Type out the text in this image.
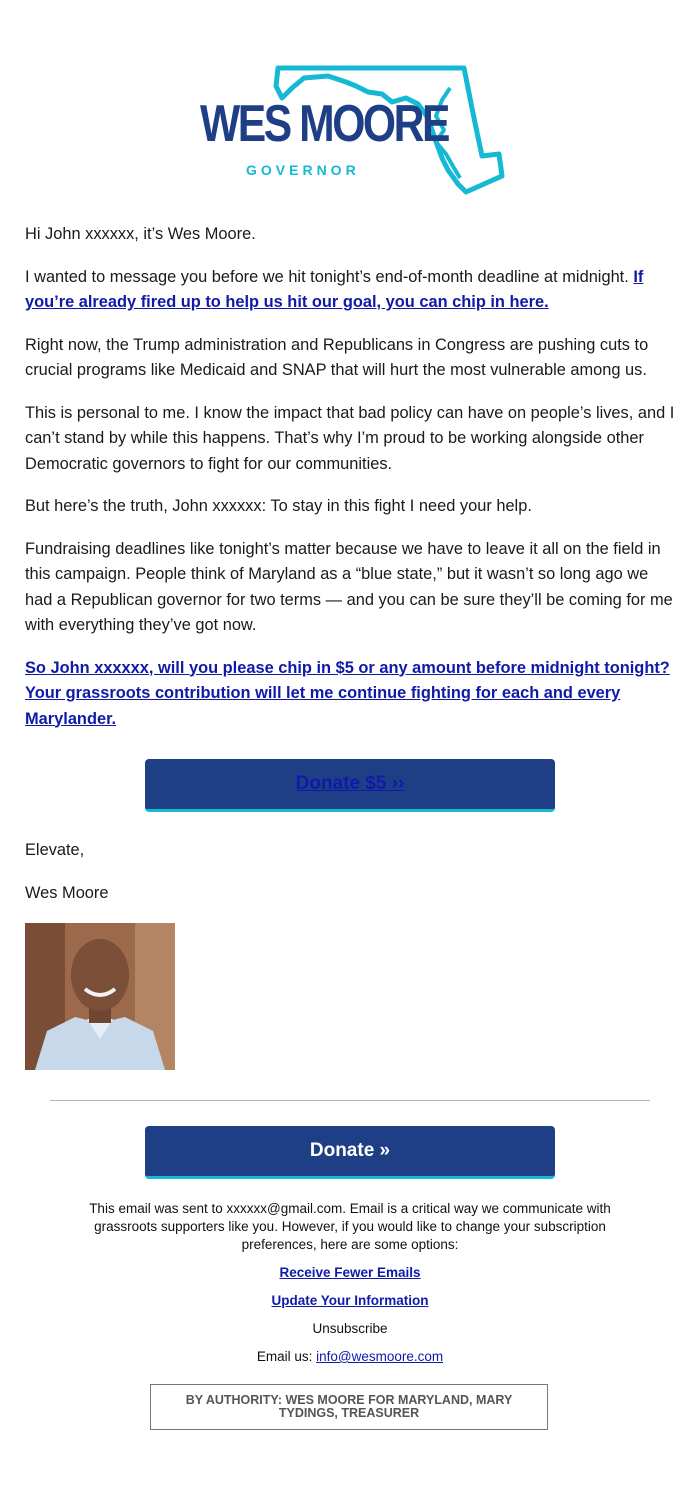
WES MOORE
GOVERNOR

Hi John xxxxxx, it’s Wes Moore.

I wanted to message you before we hit tonight’s end-of-month deadline at midnight. If you’re already fired up to help us hit our goal, you can chip in here.

Right now, the Trump administration and Republicans in Congress are pushing cuts to crucial programs like Medicaid and SNAP that will hurt the most vulnerable among us.

This is personal to me. I know the impact that bad policy can have on people’s lives, and I can’t stand by while this happens. That’s why I’m proud to be working alongside other Democratic governors to fight for our communities.

But here’s the truth, John xxxxxx: To stay in this fight I need your help.

Fundraising deadlines like tonight’s matter because we have to leave it all on the field in this campaign. People think of Maryland as a “blue state,” but it wasn’t so long ago we had a Republican governor for two terms — and you can be sure they’ll be coming for me with everything they’ve got now.

So John xxxxxx, will you please chip in $5 or any amount before midnight tonight? Your grassroots contribution will let me continue fighting for each and every Marylander.

Donate $5 ››

Elevate,

Wes Moore

Donate »

This email was sent to xxxxxx@gmail.com. Email is a critical way we communicate with grassroots supporters like you. However, if you would like to change your subscription preferences, here are some options:

Receive Fewer Emails

Update Your Information

Unsubscribe

Email us: info@wesmoore.com

BY AUTHORITY: WES MOORE FOR MARYLAND, MARY TYDINGS, TREASURER
